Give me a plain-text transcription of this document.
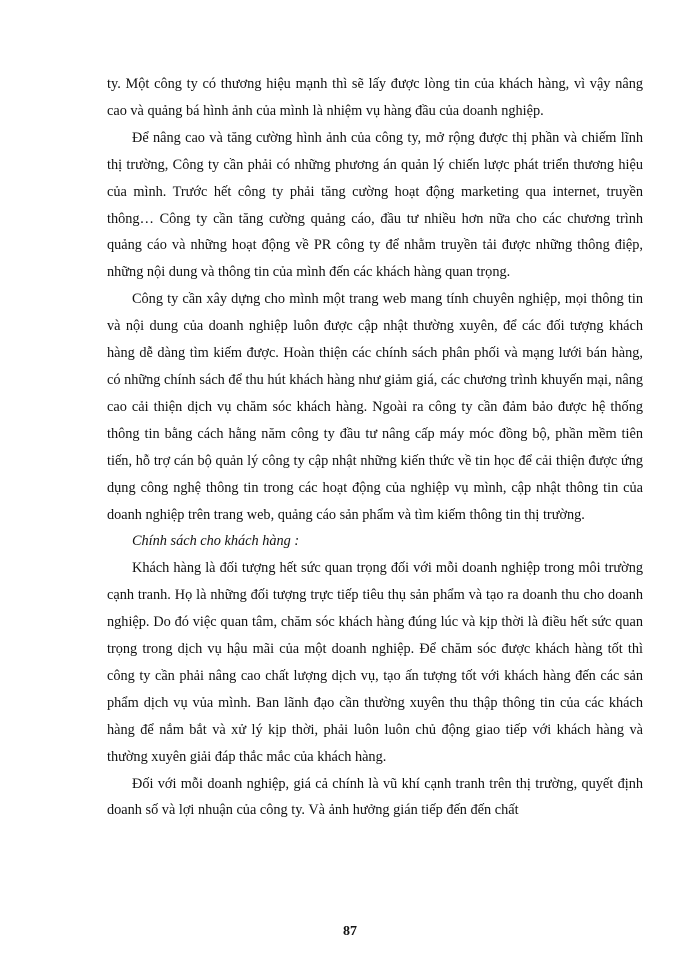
ty. Một công ty có thương hiệu mạnh thì sẽ lấy được lòng tin của khách hàng, vì vậy nâng cao và quảng bá hình ảnh của mình là nhiệm vụ hàng đầu của doanh nghiệp.

Để nâng cao và tăng cường hình ảnh của công ty, mở rộng được thị phần và chiếm lĩnh thị trường, Công ty cần phải có những phương án quản lý chiến lược phát triển thương hiệu của mình. Trước hết công ty phải tăng cường hoạt động marketing qua internet, truyền thông… Công ty cần tăng cường quảng cáo, đầu tư nhiều hơn nữa cho các chương trình quảng cáo và những hoạt động về PR công ty để nhằm truyền tải được những thông điệp, những nội dung và thông tin của mình đến các khách hàng quan trọng.

Công ty cần xây dựng cho mình một trang web mang tính chuyên nghiệp, mọi thông tin và nội dung của doanh nghiệp luôn được cập nhật thường xuyên, để các đối tượng khách hàng dễ dàng tìm kiếm được. Hoàn thiện các chính sách phân phối và mạng lưới bán hàng, có những chính sách để thu hút khách hàng như giảm giá, các chương trình khuyến mại, nâng cao cải thiện dịch vụ chăm sóc khách hàng. Ngoài ra công ty cần đảm bảo được hệ thống thông tin bằng cách hằng năm công ty đầu tư nâng cấp máy móc đồng bộ, phần mềm tiên tiến, hỗ trợ cán bộ quản lý công ty cập nhật những kiến thức về tin học để cải thiện được ứng dụng công nghệ thông tin trong các hoạt động của nghiệp vụ mình, cập nhật thông tin của doanh nghiệp trên trang web, quảng cáo sản phẩm và tìm kiếm thông tin thị trường.

Chính sách cho khách hàng :

Khách hàng là đối tượng hết sức quan trọng đối với mỗi doanh nghiệp trong môi trường cạnh tranh. Họ là những đối tượng trực tiếp tiêu thụ sản phẩm và tạo ra doanh thu cho doanh nghiệp. Do đó việc quan tâm, chăm sóc khách hàng đúng lúc và kịp thời là điều hết sức quan trọng trong dịch vụ hậu mãi của một doanh nghiệp. Để chăm sóc được khách hàng tốt thì công ty cần phải nâng cao chất lượng dịch vụ, tạo ấn tượng tốt với khách hàng đến các sản phẩm dịch vụ vủa mình. Ban lãnh đạo cần thường xuyên thu thập thông tin của các khách hàng để nắm bắt và xử lý kịp thời, phải luôn luôn chủ động giao tiếp với khách hàng và thường xuyên giải đáp thắc mắc của khách hàng.

Đối với mỗi doanh nghiệp, giá cả chính là vũ khí cạnh tranh trên thị trường, quyết định doanh số và lợi nhuận của công ty. Và ảnh hưởng gián tiếp đến đến chất

87
